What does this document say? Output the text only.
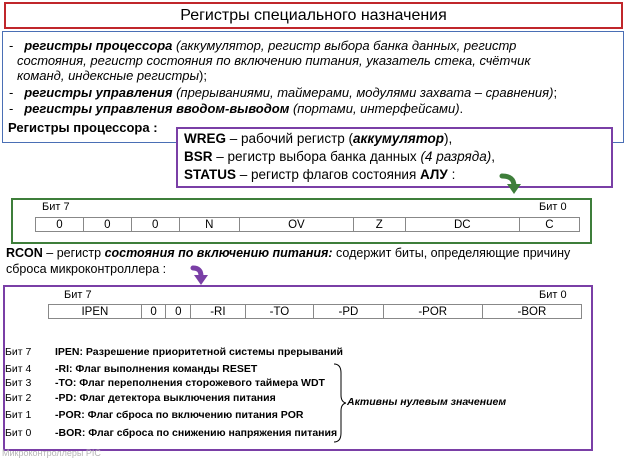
Регистры специального назначения
- регистры процессора (аккумулятор, регистр выбора банка данных, регистр
состояния, регистр состояния по включению питания, указатель стека, счётчик
команд, индексные регистры);
- регистры управления (прерываниями, таймерами, модулями захвата – сравнения);
- регистры управления вводом-выводом (портами, интерфейсами).
Регистры процессора :
WREG – рабочий регистр (аккумулятор),
BSR – регистр выбора банка данных (4 разряда),
STATUS – регистр флагов состояния АЛУ :
Бит 7	Бит 0
0	0	0	N	OV	Z	DC	C
RCON – регистр состояния по включению питания: содержит биты, определяющие причину
сброса микроконтроллера :
Бит 7	Бит 0
IPEN	0	0	-RI	-TO	-PD	-POR	-BOR
Бит 7 IPEN: Разрешение приоритетной системы прерываний
Бит 4 -RI: Флаг выполнения команды RESET
Бит 3 -TO: Флаг переполнения сторожевого таймера WDT
Бит 2 -PD: Флаг детектора выключения питания
Бит 1 -POR: Флаг сброса по включению питания POR
Бит 0 -BOR: Флаг сброса по снижению напряжения питания
Активны нулевым значением
Микроконтроллеры PIC
